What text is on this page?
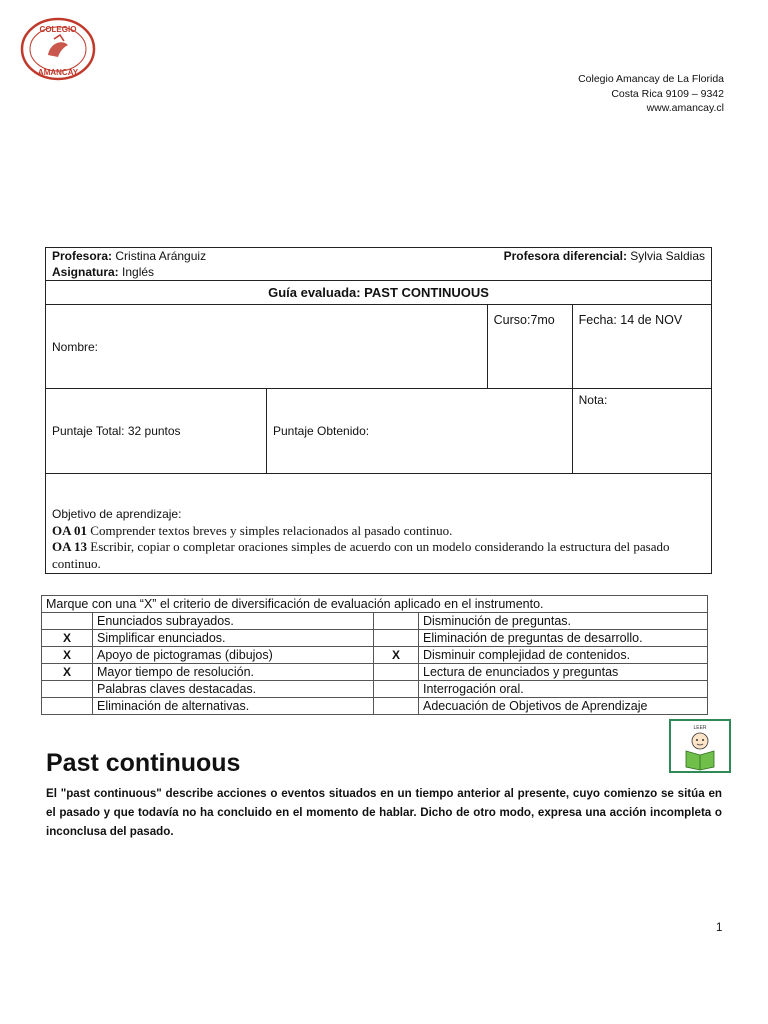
COLEGIO
AMANCAY
Colegio Amancay de La Florida
Costa Rica 9109 – 9342
www.amancay.cl
Profesora: Cristina Aránguiz Profesora diferencial: Sylvia Saldias
Asignatura: Inglés			

Guía evaluada: PAST CONTINUOUS			
Nombre:		Curso:7mo	Fecha: 14 de NOV
Puntaje Total: 32 puntos	Puntaje Obtenido:		Nota:

Objetivo de aprendizaje:
OA 01 Comprender textos breves y simples relacionados al pasado continuo.
OA 13 Escribir, copiar o completar oraciones simples de acuerdo con un modelo considerando la estructura del pasado continuo.			
Marque con una “X” el criterio de diversificación de evaluación aplicado en el instrumento.			
	Enunciados subrayados.		Disminución de preguntas.
X	Simplificar enunciados.		Eliminación de preguntas de desarrollo.
X	Apoyo de pictogramas (dibujos)	X	Disminuir complejidad de contenidos.
X	Mayor tiempo de resolución.		Lectura de enunciados y preguntas
	Palabras claves destacadas.		Interrogación oral.
	Eliminación de alternativas.		Adecuación de Objetivos de Aprendizaje
LEER
Past continuous
El "past continuous" describe acciones o eventos situados en un tiempo anterior al presente, cuyo comienzo se sitúa en el pasado y que todavía no ha concluido en el momento de hablar. Dicho de otro modo, expresa una acción incompleta o inconclusa del pasado.
1
